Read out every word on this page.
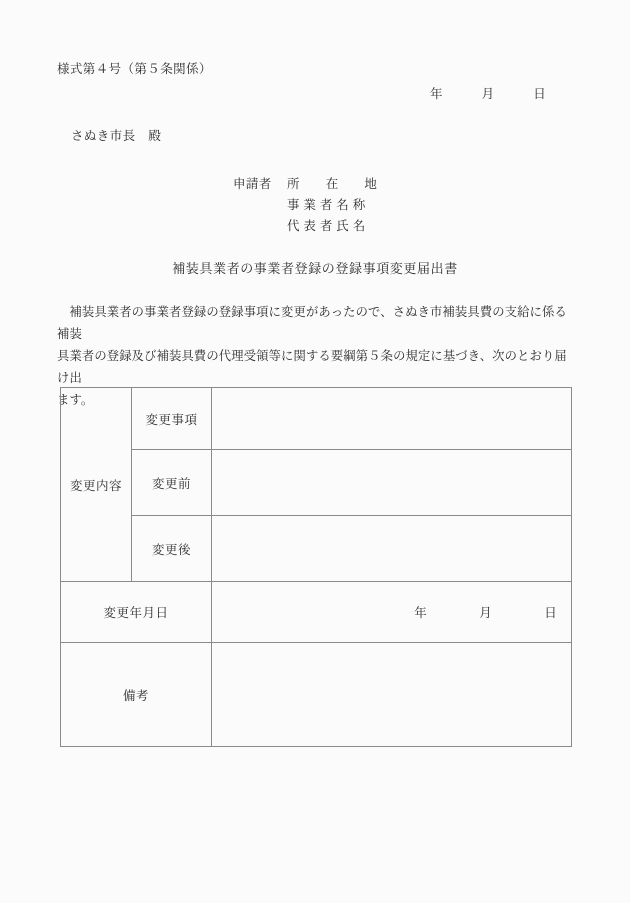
様式第４号（第５条関係）
年　　　月　　　日
さぬき市長　殿
申請者	所　　在　　地
事 業 者 名 称
代 表 者 氏 名
補装具業者の事業者登録の登録事項変更届出書

　補装具業者の事業者登録の登録事項に変更があったので、さぬき市補装具費の支給に係る補装

具業者の登録及び補装具費の代理受領等に関する要綱第５条の規定に基づき、次のとおり届け出

ます。

変更内容	変更事項	
	変更前	
	変更後	
変更年月日		年　　　　月　　　　日

備考		
